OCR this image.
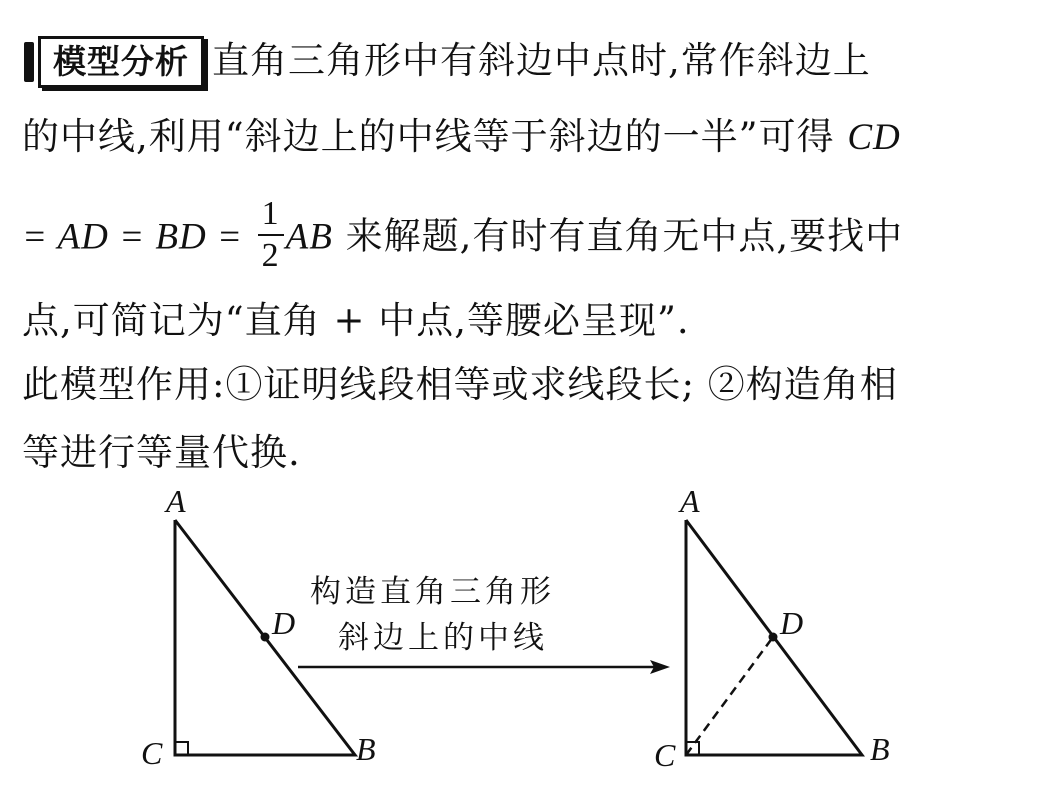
模型分析 直角三角形中有斜边中点时,常作斜边上
的中线,利用“斜边上的中线等于斜边的一半”可得 CD
= AD = BD = $\frac{1}{2}$ AB 来解题,有时有直角无中点,要找中
点,可简记为“直角 + 中点,等腰必呈现”.
此模型作用:①证明线段相等或求线段长; ②构造角相
等进行等量代换.
A
D
C	B
构造直角三角形
斜边上的中线
A
D
C	B
